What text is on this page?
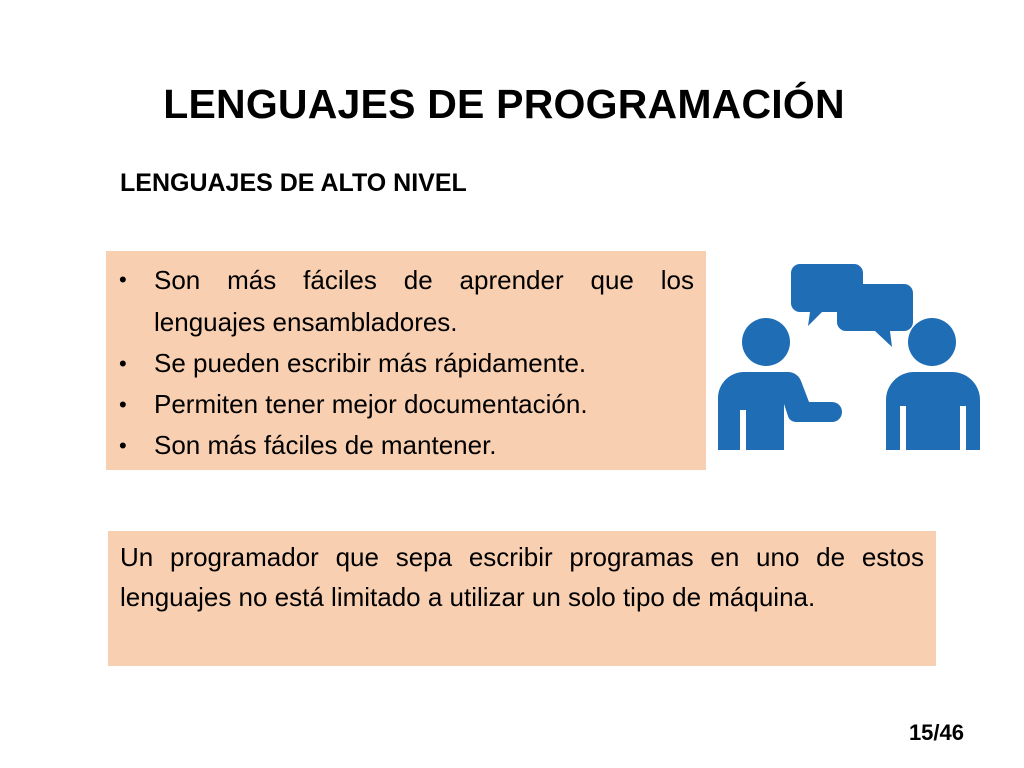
LENGUAJES DE PROGRAMACIÓN
LENGUAJES DE ALTO NIVEL
• Son más fáciles de aprender que los lenguajes ensambladores.
• Se pueden escribir más rápidamente.
• Permiten tener mejor documentación.
• Son más fáciles de mantener.
Un programador que sepa escribir programas en uno de estos lenguajes no está limitado a utilizar un solo tipo de máquina.
15/46
